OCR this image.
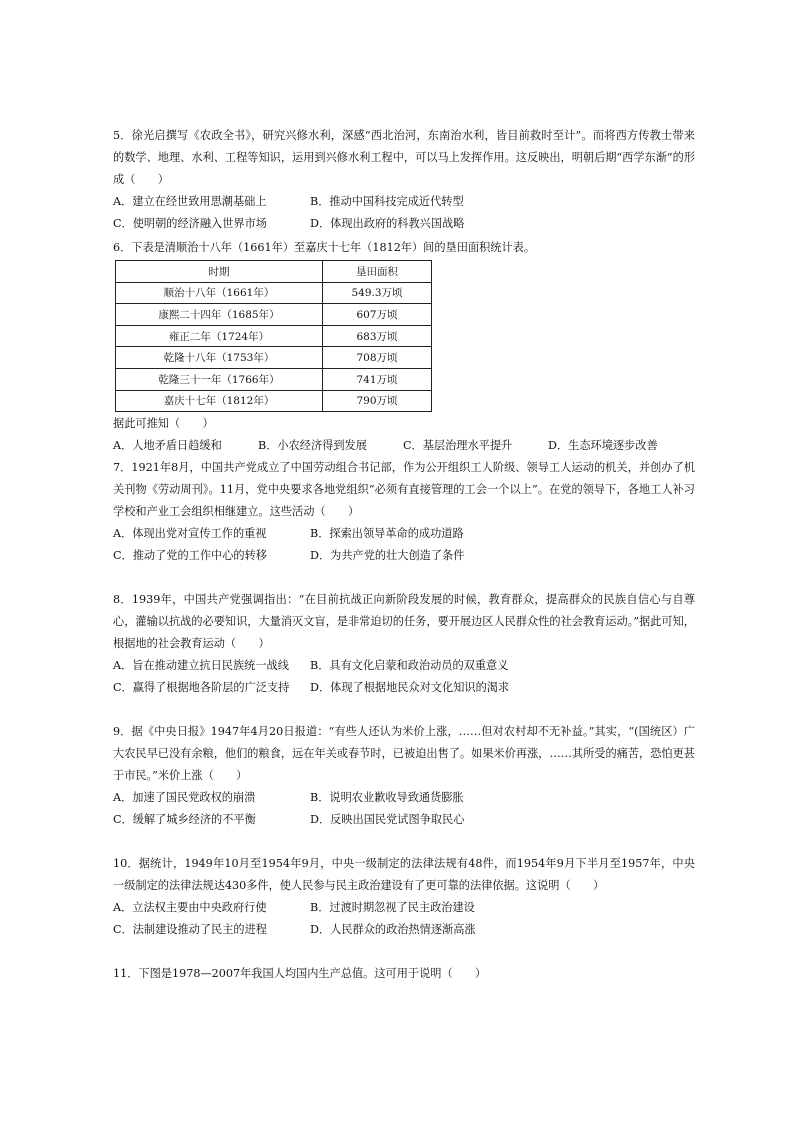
5．徐光启撰写《农政全书》，研究兴修水利，深感“西北治河，东南治水利，皆目前救时至计”。而将西方传教士带来的数学、地理、水利、工程等知识，运用到兴修水利工程中，可以马上发挥作用。这反映出，明朝后期“西学东渐”的形成（　　）

A．建立在经世致用思潮基础上	B．推动中国科技完成近代转型
C．使明朝的经济融入世界市场	D．体现出政府的科教兴国战略

6．下表是清顺治十八年（1661年）至嘉庆十七年（1812年）间的垦田面积统计表。

时期	垦田面积
顺治十八年（1661年）	549.3万顷
康熙二十四年（1685年）	607万顷
雍正二年（1724年）	683万顷
乾隆十八年（1753年）	708万顷
乾隆三十一年（1766年）	741万顷
嘉庆十七年（1812年）	790万顷

据此可推知（　　）

A．人地矛盾日趋缓和	B．小农经济得到发展	C．基层治理水平提升	D．生态环境逐步改善

7．1921年8月，中国共产党成立了中国劳动组合书记部，作为公开组织工人阶级、领导工人运动的机关，并创办了机关刊物《劳动周刊》。11月，党中央要求各地党组织“必须有直接管理的工会一个以上”。在党的领导下，各地工人补习学校和产业工会组织相继建立。这些活动（　　）

A．体现出党对宣传工作的重视	B．探索出领导革命的成功道路
C．推动了党的工作中心的转移	D．为共产党的壮大创造了条件

8．1939年，中国共产党强调指出：“在目前抗战正向新阶段发展的时候，教育群众，提高群众的民族自信心与自尊心，灌输以抗战的必要知识，大量消灭文盲，是非常迫切的任务，要开展边区人民群众性的社会教育运动。”据此可知，根据地的社会教育运动（　　）

A．旨在推动建立抗日民族统一战线	B．具有文化启蒙和政治动员的双重意义
C．赢得了根据地各阶层的广泛支持	D．体现了根据地民众对文化知识的渴求

9．据《中央日报》1947年4月20日报道：“有些人还认为米价上涨，……但对农村却不无补益。”其实，“(国统区）广大农民早已没有余粮，他们的粮食，远在年关或春节时，已被迫出售了。如果米价再涨，……其所受的痛苦，恐怕更甚于市民。”米价上涨（　　）

A．加速了国民党政权的崩溃	B．说明农业歉收导致通货膨胀
C．缓解了城乡经济的不平衡	D．反映出国民党试图争取民心

10．据统计，1949年10月至1954年9月，中央一级制定的法律法规有48件，而1954年9月下半月至1957年，中央一级制定的法律法规达430多件，使人民参与民主政治建设有了更可靠的法律依据。这说明（　　）

A．立法权主要由中央政府行使	B．过渡时期忽视了民主政治建设
C．法制建设推动了民主的进程	D．人民群众的政治热情逐渐高涨

11．下图是1978—2007年我国人均国内生产总值。这可用于说明（　　）
